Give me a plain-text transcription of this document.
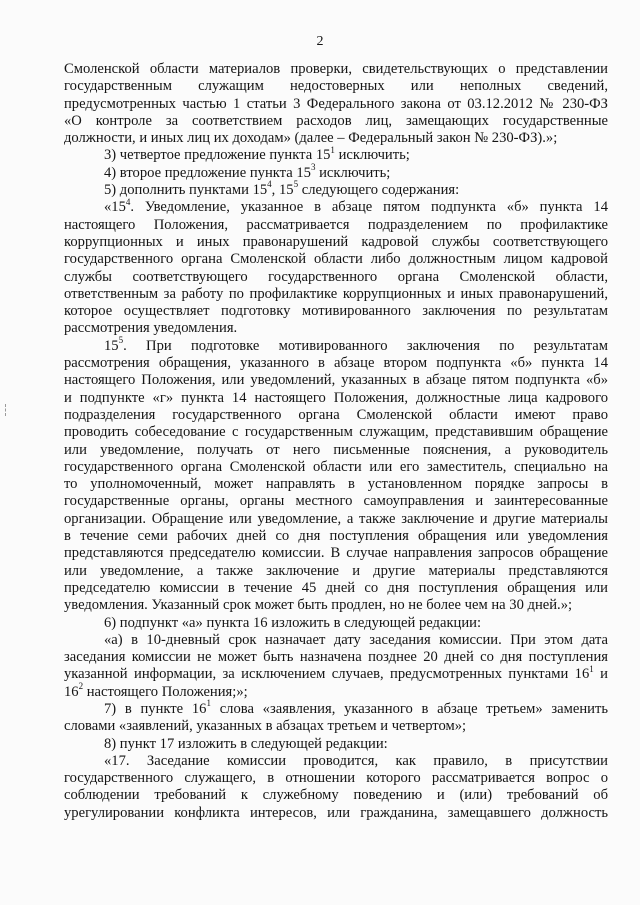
2
Смоленской области материалов проверки, свидетельствующих о представлении
государственным служащим недостоверных или неполных сведений,
предусмотренных частью 1 статьи 3 Федерального закона от 03.12.2012 № 230-ФЗ
«О контроле за соответствием расходов лиц, замещающих государственные
должности, и иных лиц их доходам» (далее – Федеральный закон № 230-ФЗ).»;
3) четвертое предложение пункта $15^1$ исключить;
4) второе предложение пункта $15^3$ исключить;
5) дополнить пунктами $15^4$, $15^5$ следующего содержания:
«$15^4$. Уведомление, указанное в абзаце пятом подпункта «б» пункта 14
настоящего Положения, рассматривается подразделением по профилактике
коррупционных и иных правонарушений кадровой службы соответствующего
государственного органа Смоленской области либо должностным лицом кадровой
службы соответствующего государственного органа Смоленской области,
ответственным за работу по профилактике коррупционных и иных правонарушений,
которое осуществляет подготовку мотивированного заключения по результатам
рассмотрения уведомления.
$15^5$. При подготовке мотивированного заключения по результатам
рассмотрения обращения, указанного в абзаце втором подпункта «б» пункта 14
настоящего Положения, или уведомлений, указанных в абзаце пятом подпункта «б»
и подпункте «г» пункта 14 настоящего Положения, должностные лица кадрового
подразделения государственного органа Смоленской области имеют право
проводить собеседование с государственным служащим, представившим обращение
или уведомление, получать от него письменные пояснения, а руководитель
государственного органа Смоленской области или его заместитель, специально на
то уполномоченный, может направлять в установленном порядке запросы в
государственные органы, органы местного самоуправления и заинтересованные
организации. Обращение или уведомление, а также заключение и другие материалы
в течение семи рабочих дней со дня поступления обращения или уведомления
представляются председателю комиссии. В случае направления запросов обращение
или уведомление, а также заключение и другие материалы представляются
председателю комиссии в течение 45 дней со дня поступления обращения или
уведомления. Указанный срок может быть продлен, но не более чем на 30 дней.»;
6) подпункт «а» пункта 16 изложить в следующей редакции:
«а) в 10-дневный срок назначает дату заседания комиссии. При этом дата
заседания комиссии не может быть назначена позднее 20 дней со дня поступления
указанной информации, за исключением случаев, предусмотренных пунктами $16^1$ и
$16^2$ настоящего Положения;»;
7) в пункте $16^1$ слова «заявления, указанного в абзаце третьем» заменить
словами «заявлений, указанных в абзацах третьем и четвертом»;
8) пункт 17 изложить в следующей редакции:
«17. Заседание комиссии проводится, как правило, в присутствии
государственного служащего, в отношении которого рассматривается вопрос о
соблюдении требований к служебному поведению и (или) требований об
урегулировании конфликта интересов, или гражданина, замещавшего должность
